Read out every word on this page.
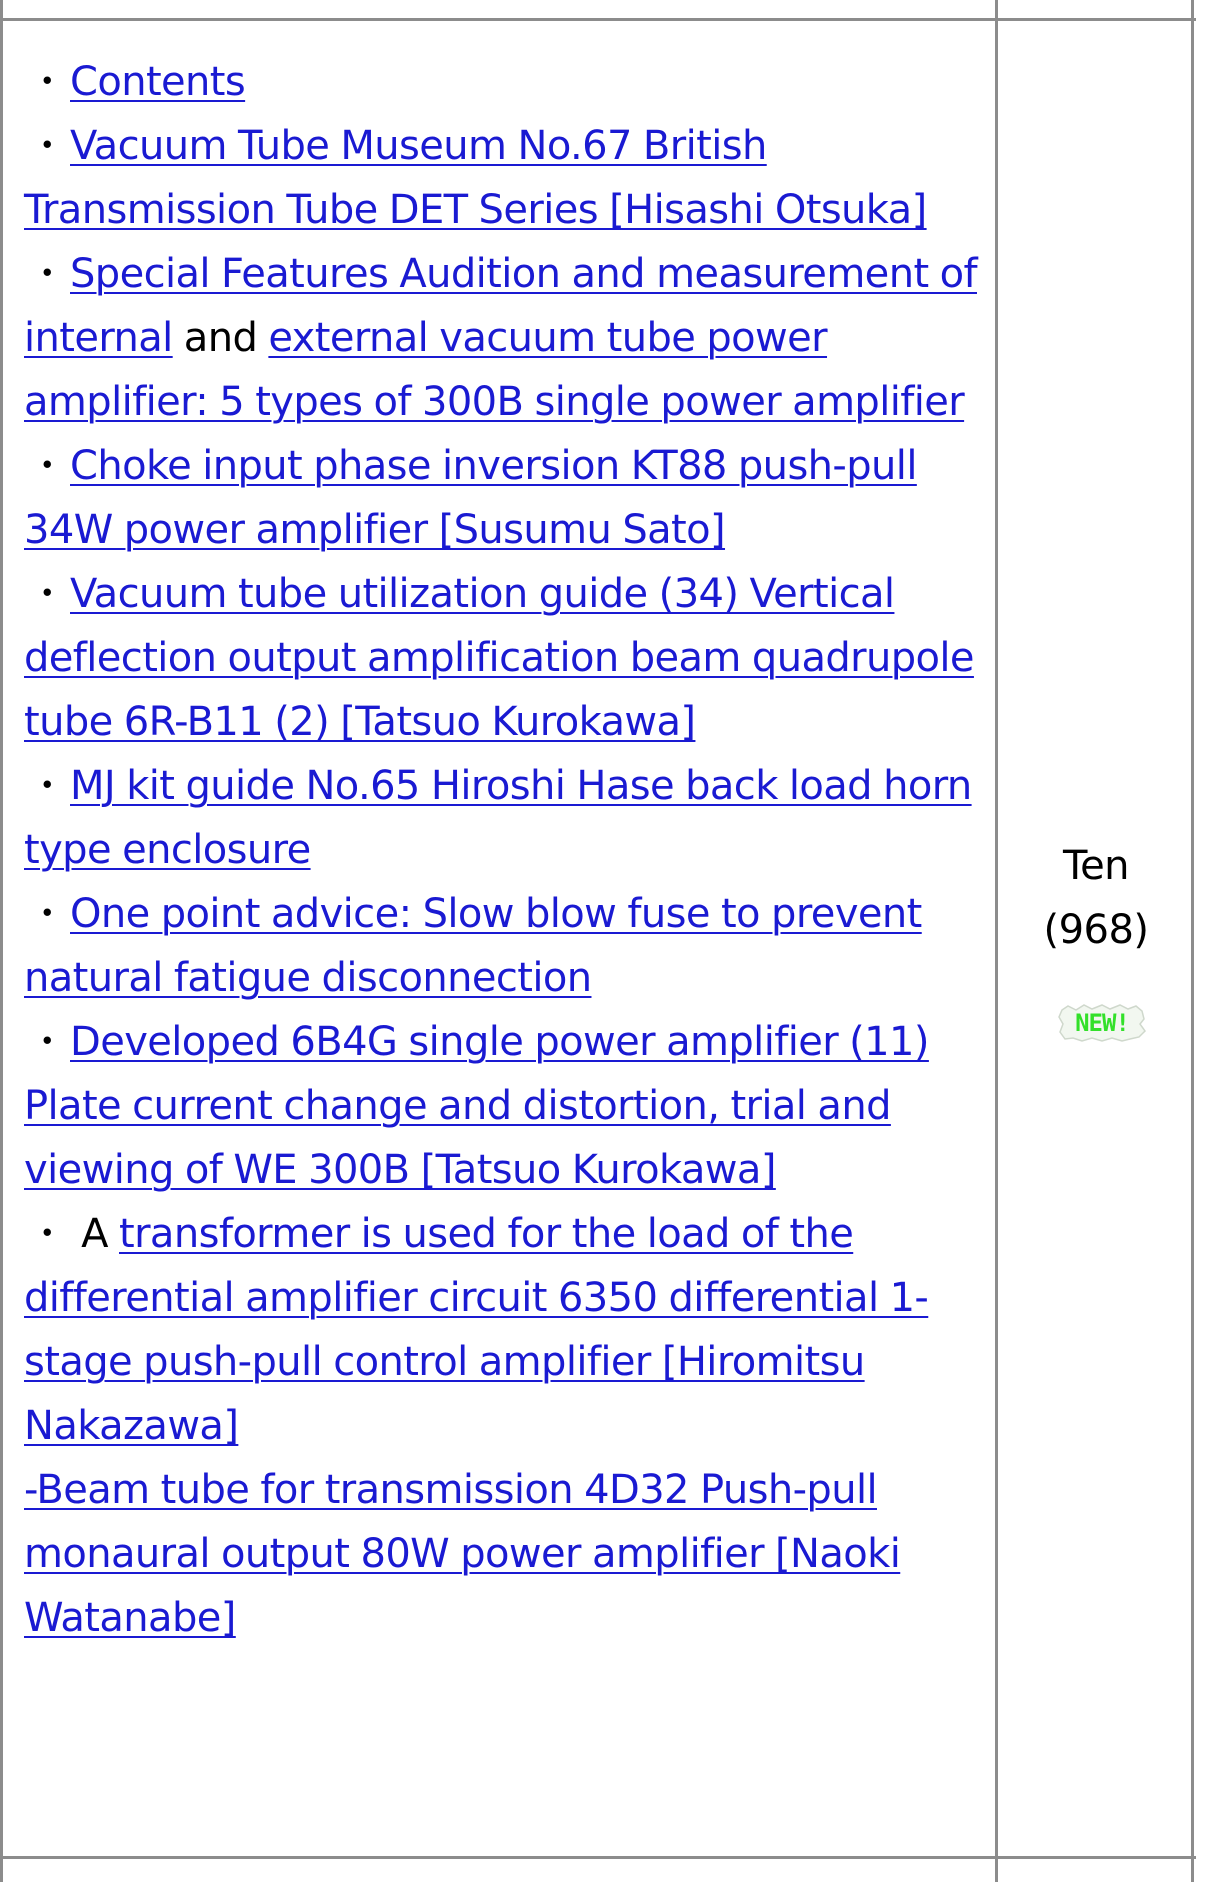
・Contents
・Vacuum Tube Museum No.67 British Transmission Tube DET Series [Hisashi Otsuka]
・Special Features Audition and measurement of internal and external vacuum tube power amplifier: 5 types of 300B single power amplifier
・Choke input phase inversion KT88 push-pull 34W power amplifier [Susumu Sato]
・Vacuum tube utilization guide (34) Vertical deflection output amplification beam quadrupole tube 6R-B11 (2) [Tatsuo Kurokawa]
・MJ kit guide No.65 Hiroshi Hase back load horn type enclosure
・One point advice: Slow blow fuse to prevent natural fatigue disconnection
・Developed 6B4G single power amplifier (11) Plate current change and distortion, trial and viewing of WE 300B [Tatsuo Kurokawa]
・ A transformer is used for the load of the differential amplifier circuit 6350 differential 1-stage push-pull control amplifier [Hiromitsu Nakazawa]
-Beam tube for transmission 4D32 Push-pull monaural output 80W power amplifier [Naoki Watanabe]
Ten
(968)
NEW!
